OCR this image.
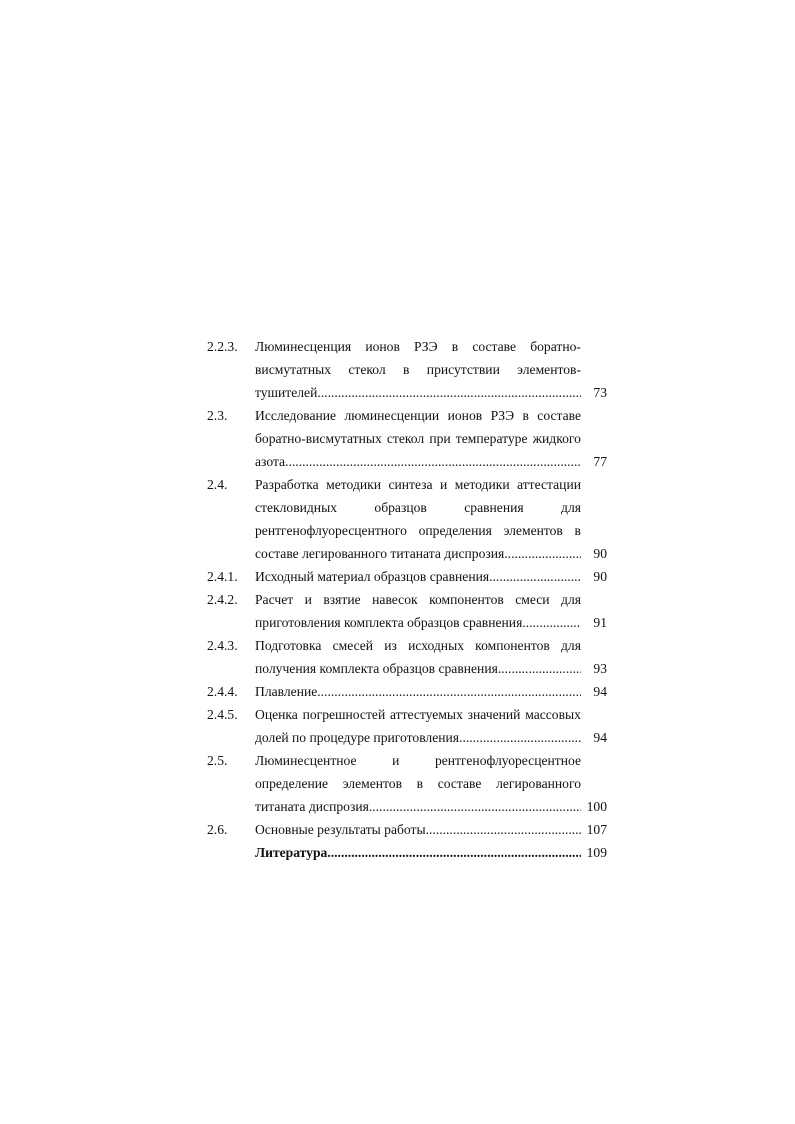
2.2.3.	Люминесценция ионов РЗЭ в составе боратно-
висмутатных стекол в присутствии элементов-
тушителей .....	73
2.3.	Исследование люминесценции ионов РЗЭ в составе
боратно-висмутатных стекол при температуре жидкого
азота .....	77
2.4.	Разработка методики синтеза и методики аттестации
стекловидных	образцов	сравнения	для
рентгенофлуоресцентного определения элементов в
составе легированного титаната диспрозия .....	90
2.4.1.	Исходный материал образцов сравнения .....	90
2.4.2.	Расчет и взятие навесок компонентов смеси для
приготовления комплекта образцов сравнения .....	91
2.4.3.	Подготовка смесей из исходных компонентов для
получения комплекта образцов сравнения .....	93
2.4.4.	Плавление .....	94
2.4.5.	Оценка погрешностей аттестуемых значений массовых
долей по процедуре приготовления .....	94
2.5.	Люминесцентное	и	рентгенофлуоресцентное
определение элементов в составе легированного
титаната диспрозия .....	100
2.6.	Основные результаты работы .....	107
Литература .....	109
